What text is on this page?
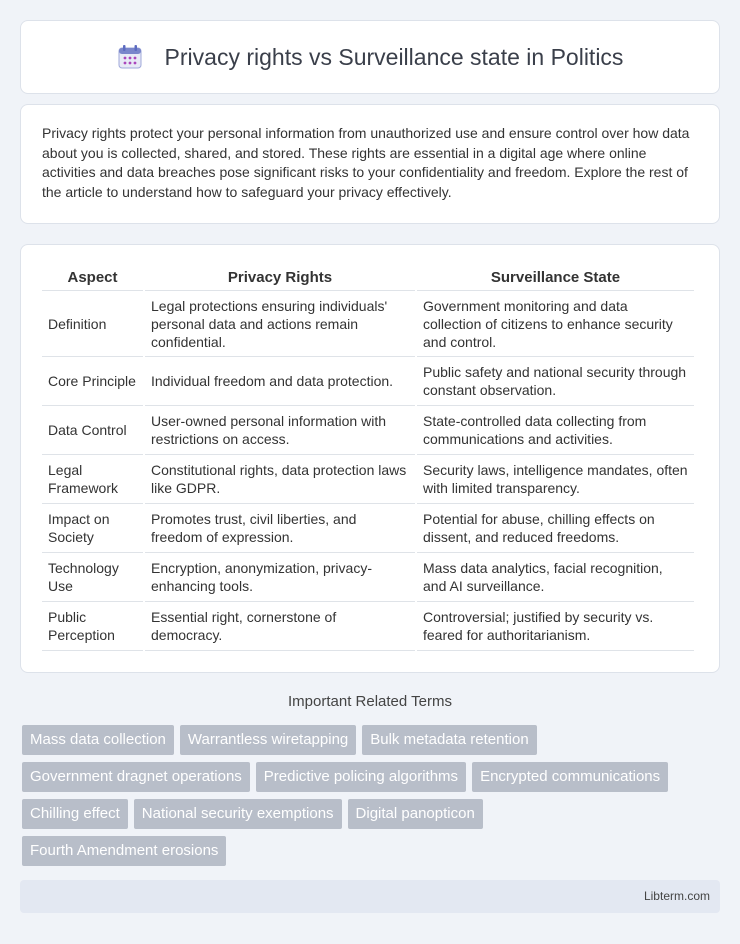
Privacy rights vs Surveillance state in Politics

Privacy rights protect your personal information from unauthorized use and ensure control over how data about you is collected, shared, and stored. These rights are essential in a digital age where online activities and data breaches pose significant risks to your confidentiality and freedom. Explore the rest of the article to understand how to safeguard your privacy effectively.

Aspect	Privacy Rights	Surveillance State
Definition	Legal protections ensuring individuals' personal data and actions remain confidential.	Government monitoring and data collection of citizens to enhance security and control.
Core Principle	Individual freedom and data protection.	Public safety and national security through constant observation.
Data Control	User-owned personal information with restrictions on access.	State-controlled data collecting from communications and activities.
Legal Framework	Constitutional rights, data protection laws like GDPR.	Security laws, intelligence mandates, often with limited transparency.
Impact on Society	Promotes trust, civil liberties, and freedom of expression.	Potential for abuse, chilling effects on dissent, and reduced freedoms.
Technology Use	Encryption, anonymization, privacy-enhancing tools.	Mass data analytics, facial recognition, and AI surveillance.
Public Perception	Essential right, cornerstone of democracy.	Controversial; justified by security vs. feared for authoritarianism.
Important Related Terms
Mass data collection	Warrantless wiretapping	Bulk metadata retention
Government dragnet operations	Predictive policing algorithms	Encrypted communications
Chilling effect	National security exemptions	Digital panopticon
Fourth Amendment erosions
Libterm.com
